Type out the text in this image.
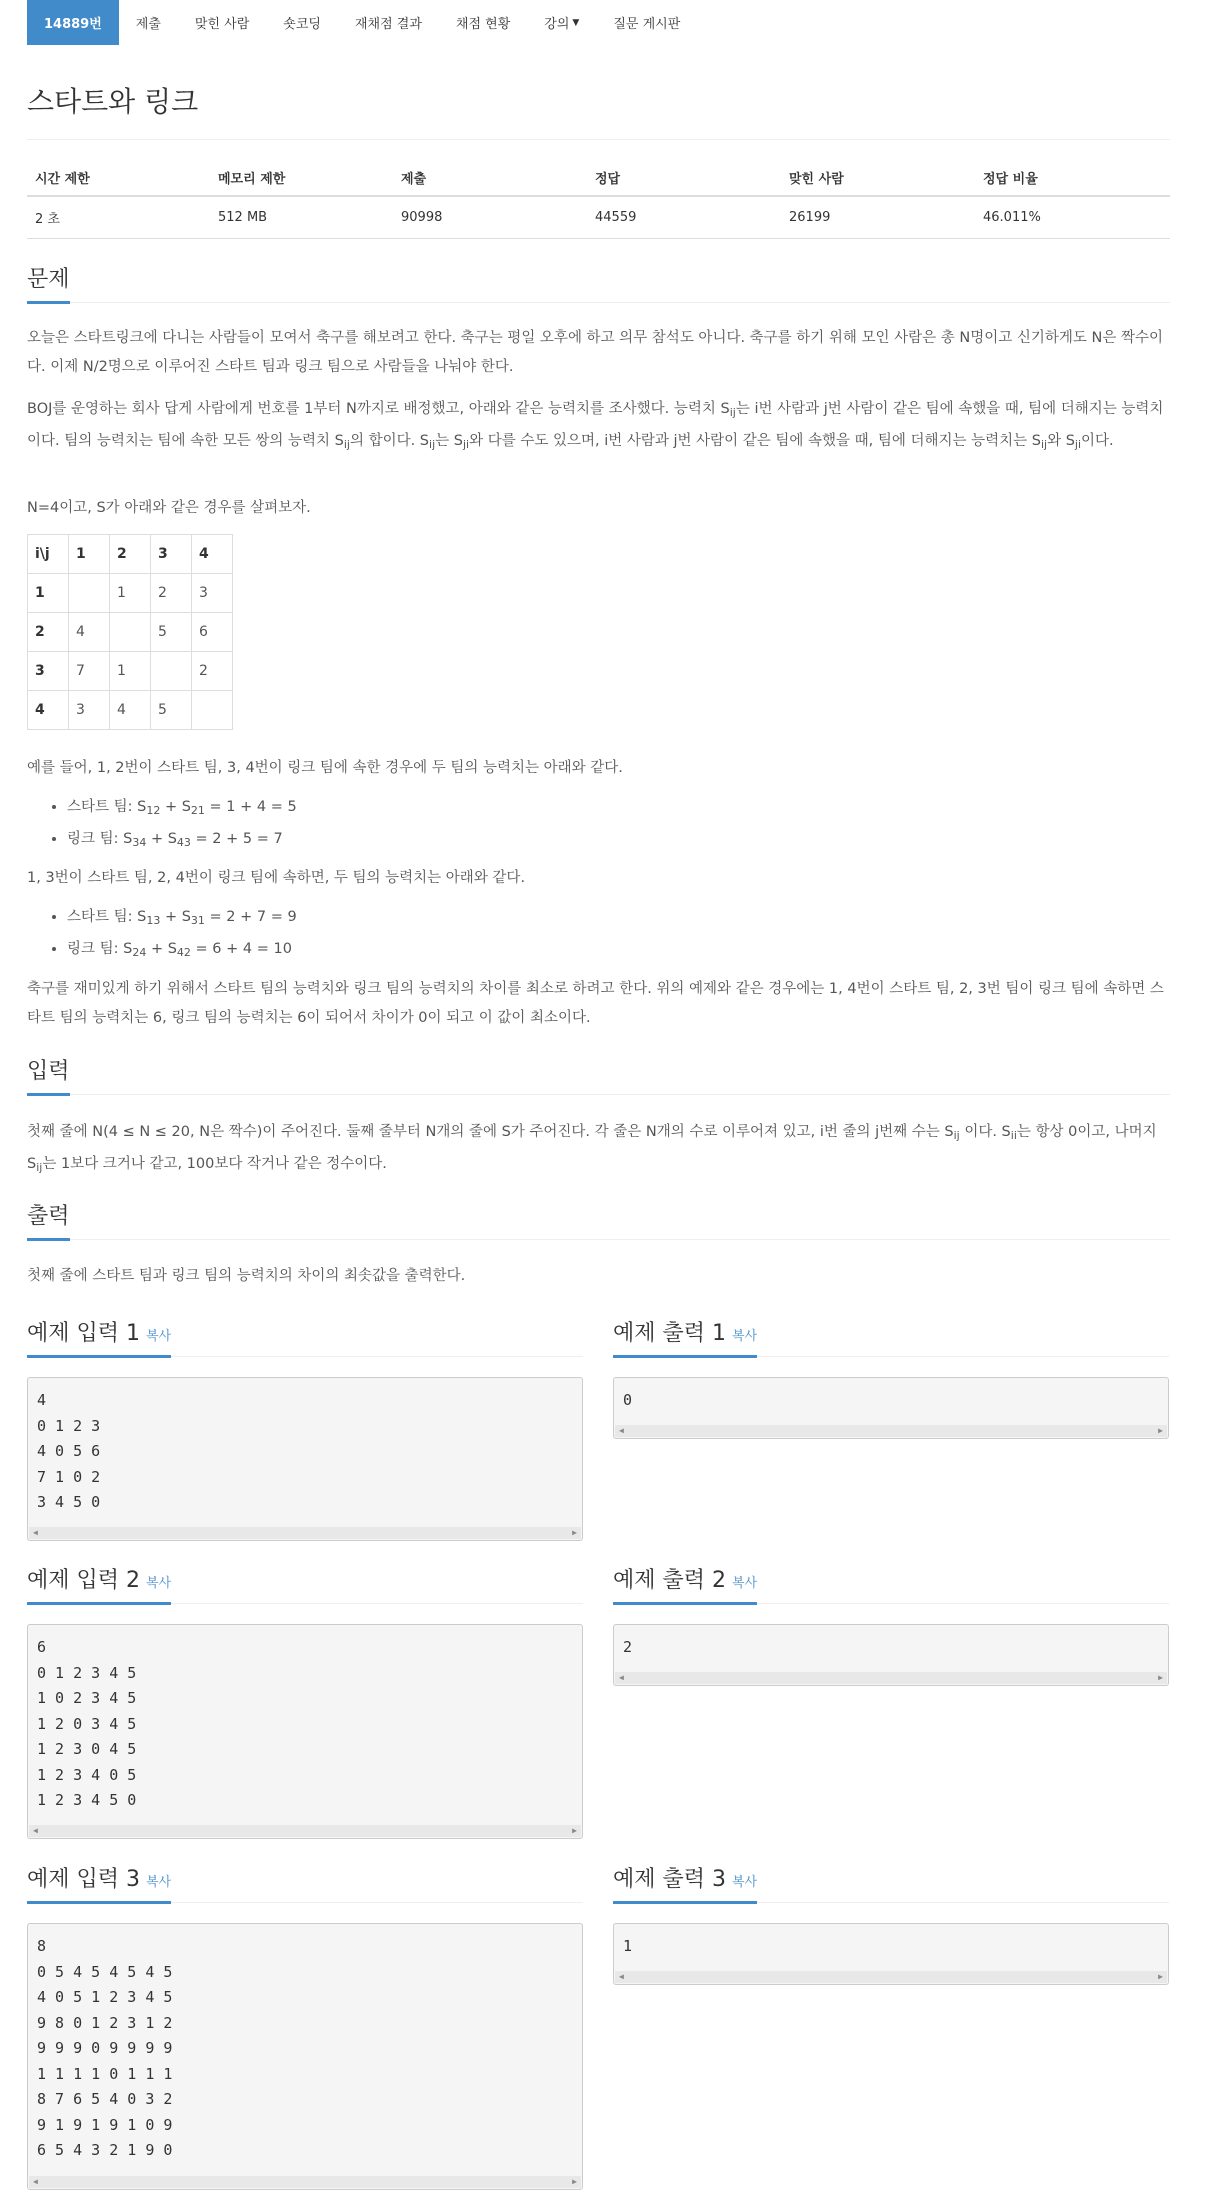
14889번	제출	맞힌 사람	숏코딩	재채점 결과	채점 현황	강의 ▼	질문 게시판
스타트와 링크
시간 제한	메모리 제한	제출	정답	맞힌 사람	정답 비율
2 초	512 MB	90998	44559	26199	46.011%
문제

오늘은 스타트링크에 다니는 사람들이 모여서 축구를 해보려고 한다. 축구는 평일 오후에 하고 의무 참석도 아니다. 축구를 하기 위해 모인 사람은 총 N명이고 신기하게도 N은 짝수이다. 이제 N/2명으로 이루어진 스타트 팀과 링크 팀으로 사람들을 나눠야 한다.

BOJ를 운영하는 회사 답게 사람에게 번호를 1부터 N까지로 배정했고, 아래와 같은 능력치를 조사했다. 능력치 $S_{ij}$는 i번 사람과 j번 사람이 같은 팀에 속했을 때, 팀에 더해지는 능력치이다. 팀의 능력치는 팀에 속한 모든 쌍의 능력치 $S_{ij}$의 합이다. $S_{ij}$는 $S_{ji}$와 다를 수도 있으며, i번 사람과 j번 사람이 같은 팀에 속했을 때, 팀에 더해지는 능력치는 $S_{ij}$와 $S_{ji}$이다.

N=4이고, S가 아래와 같은 경우를 살펴보자.

i\j	1	2	3	4
1		1	2	3
2	4		5	6
3	7	1		2
4	3	4	5	

예를 들어, 1, 2번이 스타트 팀, 3, 4번이 링크 팀에 속한 경우에 두 팀의 능력치는 아래와 같다.

• 스타트 팀: $S_{12} + S_{21} = 1 + 4 = 5$
• 링크 팀: $S_{34} + S_{43} = 2 + 5 = 7$

1, 3번이 스타트 팀, 2, 4번이 링크 팀에 속하면, 두 팀의 능력치는 아래와 같다.

• 스타트 팀: $S_{13} + S_{31} = 2 + 7 = 9$
• 링크 팀: $S_{24} + S_{42} = 6 + 4 = 10$

축구를 재미있게 하기 위해서 스타트 팀의 능력치와 링크 팀의 능력치의 차이를 최소로 하려고 한다. 위의 예제와 같은 경우에는 1, 4번이 스타트 팀, 2, 3번 팀이 링크 팀에 속하면 스타트 팀의 능력치는 6, 링크 팀의 능력치는 6이 되어서 차이가 0이 되고 이 값이 최소이다.

입력

첫째 줄에 N(4 ≤ N ≤ 20, N은 짝수)이 주어진다. 둘째 줄부터 N개의 줄에 S가 주어진다. 각 줄은 N개의 수로 이루어져 있고, i번 줄의 j번째 수는 $S_{ij}$ 이다. $S_{ii}$는 항상 0이고, 나머지 $S_{ij}$는 1보다 크거나 같고, 100보다 작거나 같은 정수이다.

출력

첫째 줄에 스타트 팀과 링크 팀의 능력치의 차이의 최솟값을 출력한다.

예제 입력 1 복사	예제 출력 1 복사
4
0 1 2 3
4 0 5 6
7 1 0 2
3 4 5 0
◀	▶
0
◀	▶
예제 입력 2 복사	예제 출력 2 복사
6
0 1 2 3 4 5
1 0 2 3 4 5
1 2 0 3 4 5
1 2 3 0 4 5
1 2 3 4 0 5
1 2 3 4 5 0
◀	▶
2
◀	▶
예제 입력 3 복사	예제 출력 3 복사
8
0 5 4 5 4 5 4 5
4 0 5 1 2 3 4 5
9 8 0 1 2 3 1 2
9 9 9 0 9 9 9 9
1 1 1 1 0 1 1 1
8 7 6 5 4 0 3 2
9 1 9 1 9 1 0 9
6 5 4 3 2 1 9 0
◀	▶
1
◀	▶
